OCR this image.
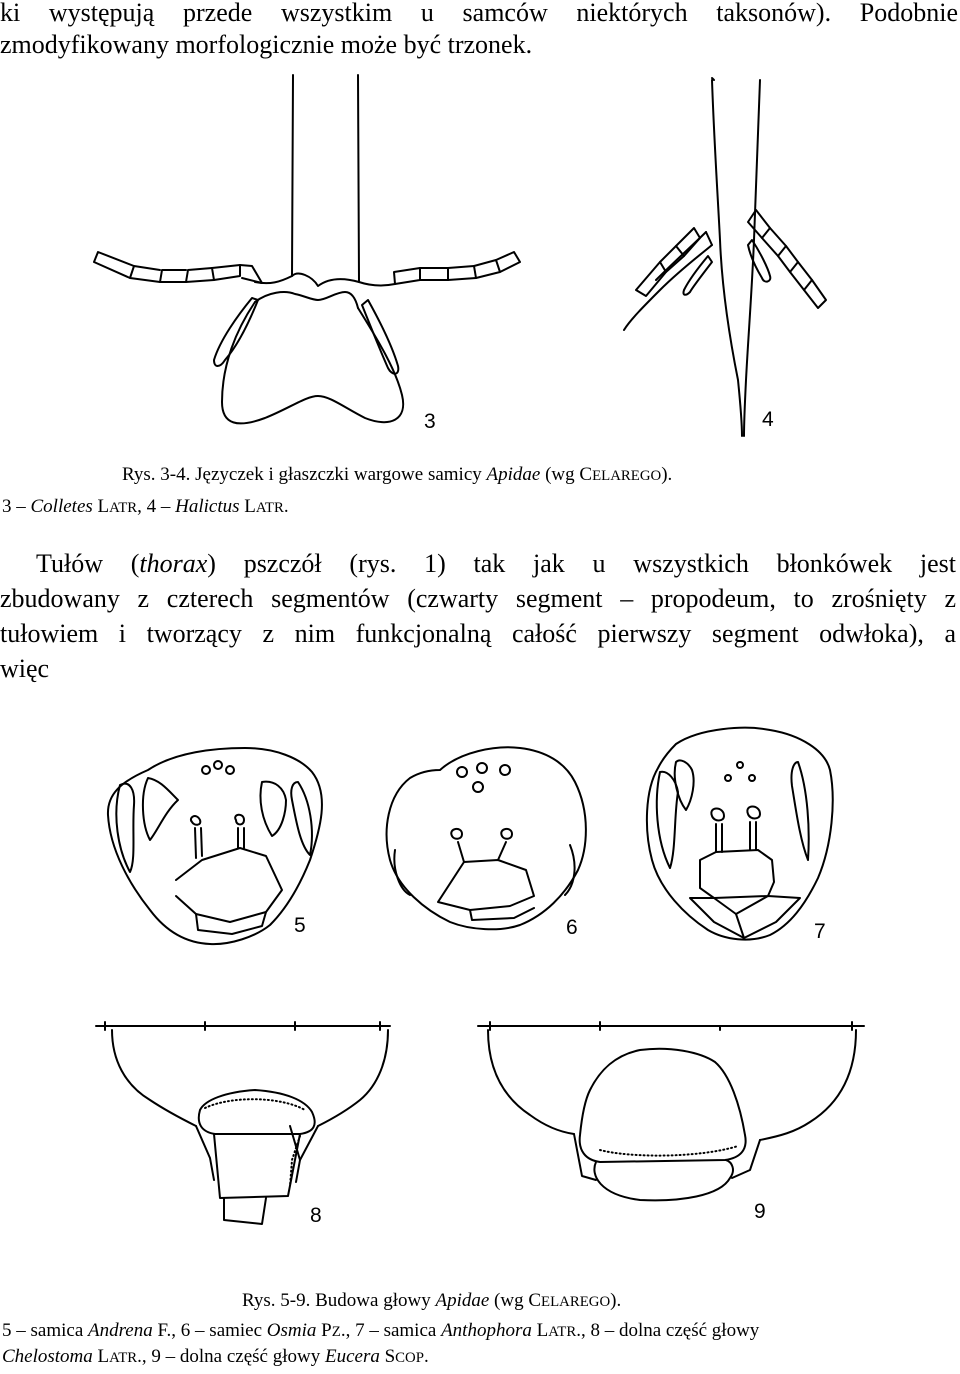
ki występują przede wszystkim u samców niektórych taksonów). Podobnie
zmodyfikowany morfologicznie może być trzonek.
3	4
Rys. 3-4. Języczek i głaszczki wargowe samicy Apidae (wg CELAREGO).
3 – Colletes LATR, 4 – Halictus LATR.
Tułów (thorax) pszczół (rys. 1) tak jak u wszystkich błonkówek jest
zbudowany z czterech segmentów (czwarty segment – propodeum, to zrośnięty z
tułowiem i tworzący z nim funkcjonalną całość pierwszy segment odwłoka), a
więc
5	6	7
8	9
Rys. 5-9. Budowa głowy Apidae (wg CELAREGO).
5 – samica Andrena F., 6 – samiec Osmia PZ., 7 – samica Anthophora LATR., 8 – dolna część głowy
Chelostoma LATR., 9 – dolna część głowy Eucera SCOP.
